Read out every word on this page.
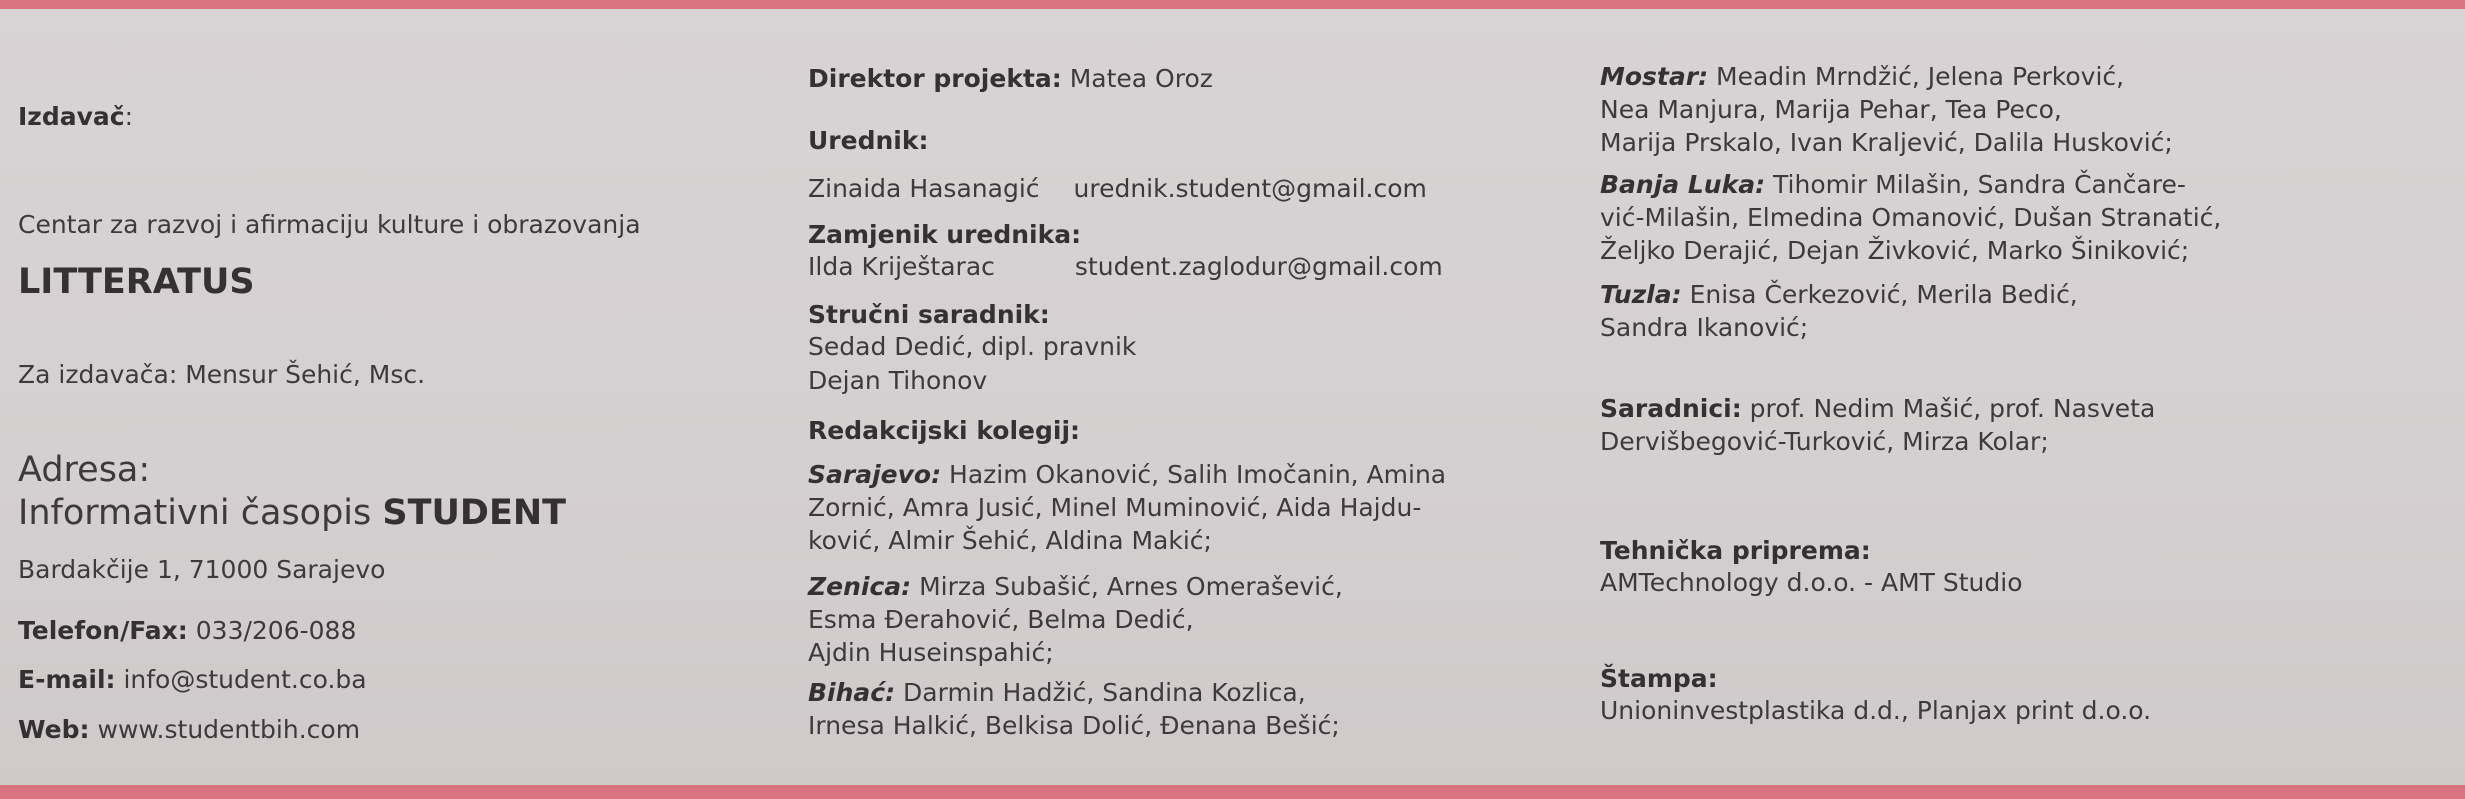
Izdavač:
Centar za razvoj i afirmaciju kulture i obrazovanja
LITTERATUS
Za izdavača: Mensur Šehić, Msc.
Adresa:
Informativni časopis STUDENT
Bardakčije 1, 71000 Sarajevo
Telefon/Fax: 033/206-088
E-mail: info@student.co.ba
Web: www.studentbih.com
Direktor projekta: Matea Oroz
Urednik:
Zinaida Hasanagić urednik.student@gmail.com
Zamjenik urednika:
Ilda Kriještarac	student.zaglodur@gmail.com
Stručni saradnik:
Sedad Dedić, dipl. pravnik
Dejan Tihonov
Redakcijski kolegij:
Sarajevo: Hazim Okanović, Salih Imočanin, Amina
Zornić, Amra Jusić, Minel Muminović, Aida Hajdu-
ković, Almir Šehić, Aldina Makić;
Zenica: Mirza Subašić, Arnes Omerašević,
Esma Đerahović, Belma Dedić,
Ajdin Huseinspahić;
Bihać: Darmin Hadžić, Sandina Kozlica,
Irnesa Halkić, Belkisa Dolić, Đenana Bešić;
Mostar: Meadin Mrndžić, Jelena Perković,
Nea Manjura, Marija Pehar, Tea Peco,
Marija Prskalo, Ivan Kraljević, Dalila Husković;
Banja Luka: Tihomir Milašin, Sandra Čančare-
vić-Milašin, Elmedina Omanović, Dušan Stranatić,
Željko Derajić, Dejan Živković, Marko Šiniković;
Tuzla: Enisa Čerkezović, Merila Bedić,
Sandra Ikanović;
Saradnici: prof. Nedim Mašić, prof. Nasveta
Dervišbegović-Turković, Mirza Kolar;
Tehnička priprema:
AMTechnology d.o.o. - AMT Studio
Štampa:
Unioninvestplastika d.d., Planjax print d.o.o.
